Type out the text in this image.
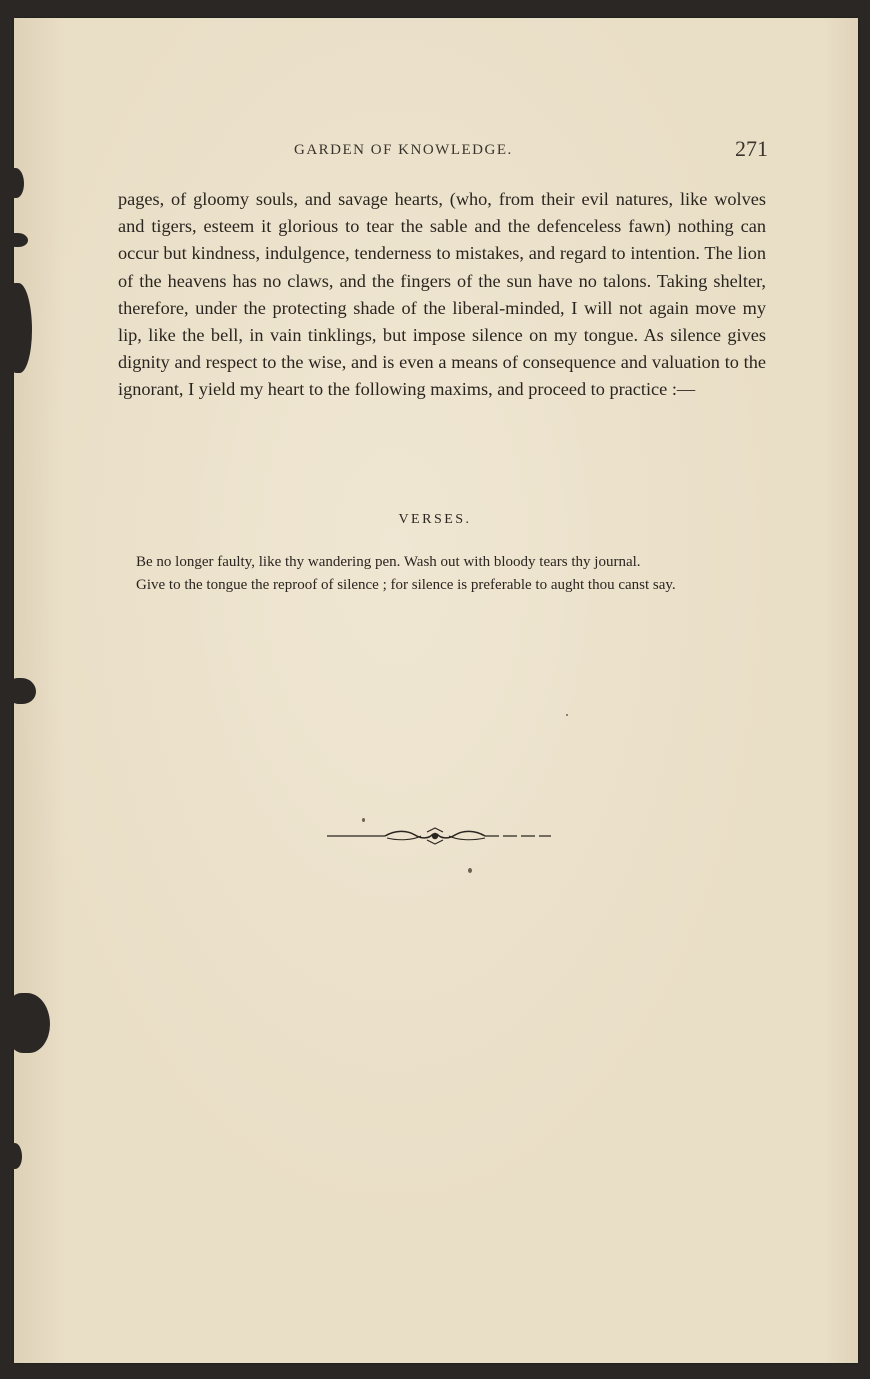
GARDEN OF KNOWLEDGE.	271

pages, of gloomy souls, and savage hearts, (who, from their evil natures, like wolves and tigers, esteem it glorious to tear the sable and the defenceless fawn) nothing can occur but kindness, indulgence, tenderness to mistakes, and regard to intention. The lion of the heavens has no claws, and the fingers of the sun have no talons. Taking shelter, therefore, under the protecting shade of the liberal-minded, I will not again move my lip, like the bell, in vain tinklings, but impose silence on my tongue. As silence gives dignity and respect to the wise, and is even a means of consequence and valuation to the ignorant, I yield my heart to the following maxims, and proceed to practice :—

VERSES.

Be no longer faulty, like thy wandering pen. Wash out with bloody tears thy journal.

Give to the tongue the reproof of silence ; for silence is preferable to aught thou canst say.
